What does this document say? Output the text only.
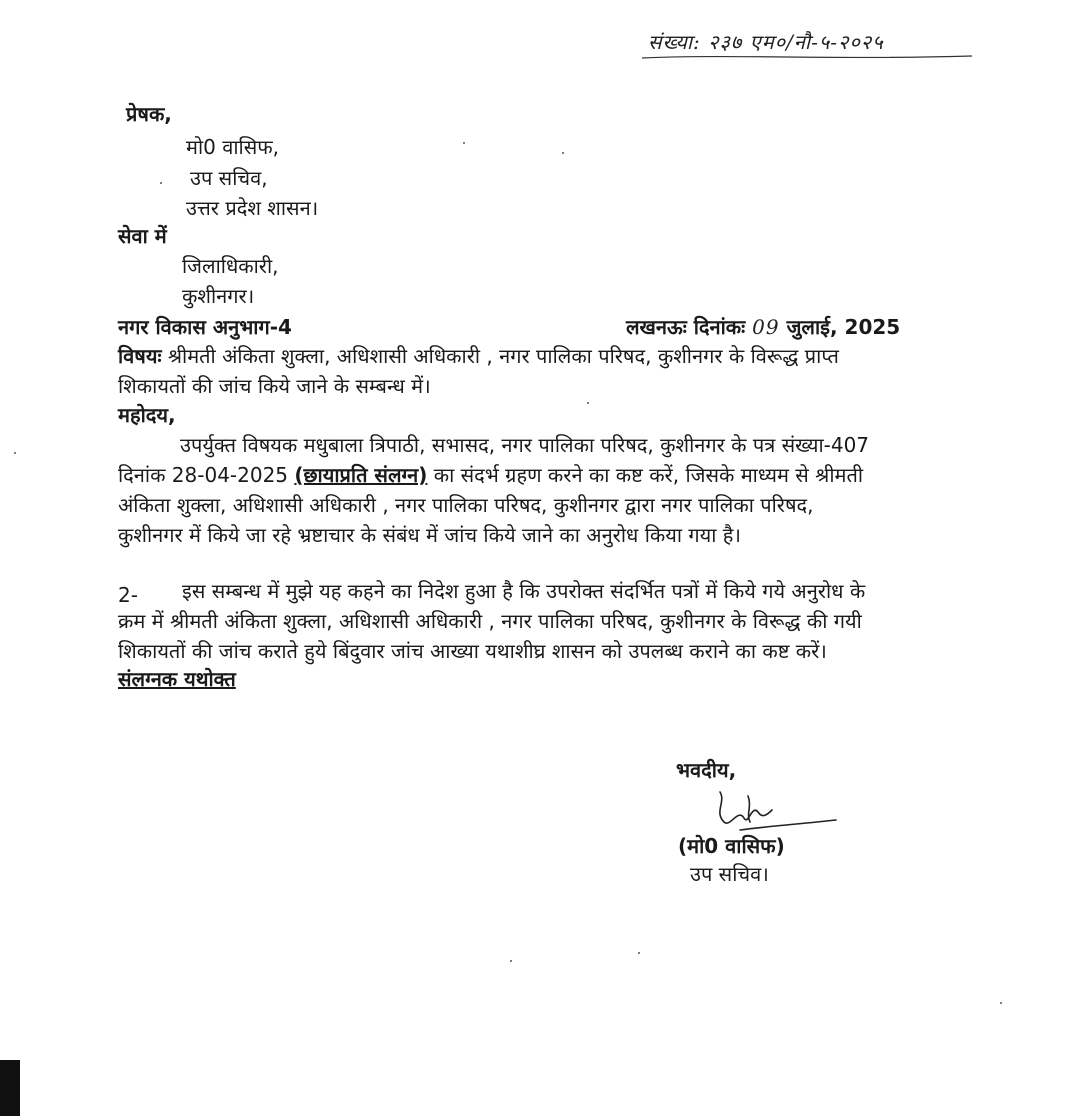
संख्या: २३७ एम०/नौ-५-२०२५
प्रेषक,
मो0 वासिफ,
उप सचिव,
उत्तर प्रदेश शासन।
सेवा में
जिलाधिकारी,
कुशीनगर।
नगर विकास अनुभाग-4	लखनऊः दिनांकः 09 जुलाई, 2025
विषयः श्रीमती अंकिता शुक्ला, अधिशासी अधिकारी , नगर पालिका परिषद, कुशीनगर के विरूद्ध प्राप्त
शिकायतों की जांच किये जाने के सम्बन्ध में।
महोदय,
उपर्युक्त विषयक मधुबाला त्रिपाठी, सभासद, नगर पालिका परिषद, कुशीनगर के पत्र संख्या-407
दिनांक 28-04-2025 (छायाप्रति संलग्न) का संदर्भ ग्रहण करने का कष्ट करें, जिसके माध्यम से श्रीमती
अंकिता शुक्ला, अधिशासी अधिकारी , नगर पालिका परिषद, कुशीनगर द्वारा नगर पालिका परिषद,
कुशीनगर में किये जा रहे भ्रष्टाचार के संबंध में जांच किये जाने का अनुरोध किया गया है।
2- इस सम्बन्ध में मुझे यह कहने का निदेश हुआ है कि उपरोक्त संदर्भित पत्रों में किये गये अनुरोध के
क्रम में श्रीमती अंकिता शुक्ला, अधिशासी अधिकारी , नगर पालिका परिषद, कुशीनगर के विरूद्ध की गयी
शिकायतों की जांच कराते हुये बिंदुवार जांच आख्या यथाशीघ्र शासन को उपलब्ध कराने का कष्ट करें।
संलग्नक यथोक्त
भवदीय,
(मो0 वासिफ)
उप सचिव।
